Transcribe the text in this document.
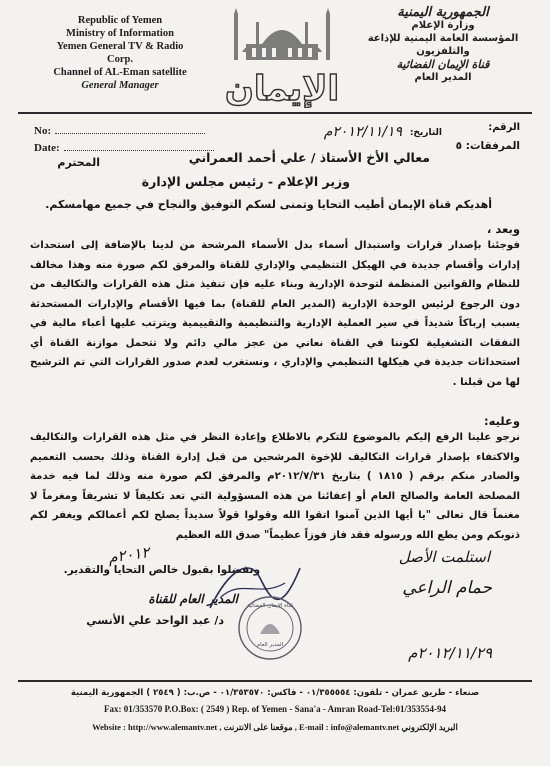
Republic of Yemen
Ministry of Information
Yemen General TV & Radio
Corp.
Channel of AL-Eman satellite
General Manager	الإيمان
الجمهورية اليمنية
وزارة الإعلام
المؤسسة العامة اليمنية للإذاعة
والتلفزيون
قناة الإيمان الفضائية
المدير العام
No:
Date:
الرقم:
المرفقات: ٥
التاريخ:
٢٠١٢/١١/١٩م
معالي الأخ الأستاذ / علي أحمد العمراني
المحترم
وزير الإعلام - رئيس مجلس الإدارة
أهديكم قناة الإيمان أطيب التحايا وتمنى لسكم التوفيق والنجاح في جميع مهامسكم.
وبعد ،
فوجئنا بإصدار قرارات واستبدال أسماء بدل الأسماء المرشحة من لدينا بالإضافة إلى استحداث إدارات وأقسام جديدة في الهيكل التنظيمي والإداري للقناة والمرفق لكم صورة منه وهذا مخالف للنظام والقوانين المنظمة لتوحدة الإدارية وبناء عليه فإن تنفيذ مثل هذه القرارات والتكاليف من دون الرجوع لرئيس الوحدة الإدارية (المدير العام للقناة) بما فيها الأقسام والإدارات المستحدثة يسبب إرباكاً شديداً في سير العملية الإدارية والتنظيمية والتقييمية ويترتب عليها أعباء مالية في النفقات التشغيلية لكوننا في القناة نعاني من عجز مالي دائم ولا تتحمل موازنة القناة أي استحداثات جديدة في هيكلها التنظيمي والإداري ، ونستغرب لعدم صدور القرارات التي تم الترشيح لها من قبلنا .
وعليه:
نرجو علينا الرفع إليكم بالموضوع للتكرم بالاطلاع وإعادة النظر في مثل هذه القرارات والتكاليف والاكتفاء بإصدار قرارات التكاليف للإخوة المرشحين من قبل إدارة القناة وذلك بحسب التعميم والصادر منكم برقم ( ١٨١٥ ) بتاريخ ٢٠١٢/٧/٣١م والمرفق لكم صورة منه وذلك لما فيه خدمة المصلحة العامة والصالح العام أو إعفائنا من هذه المسؤولية التي تعد تكليفاً لا تشريفاً ومغرماً لا مغنماً قال تعالى "يا أيها الذين آمنوا اتقوا الله وقولوا قولاً سديداً يصلح لكم أعمالكم ويغفر لكم ذنوبكم ومن يطع الله ورسوله فقد فاز فوزاً عظيماً" صدق الله العظيم
وتفضلوا بقبول خالص التحايا والتقدير.
٢٠١٢م
المدير العام للقناة
د/ عبد الواحد علي الأنسي
قناة الإيمان الفضائية
المدير العام
استلمت الأصل
حمام الراعي
٢٠١٢/١١/٢٩م
صنعاء - طريق عمران - تلفون: ٠١/٣٥٥٥٥٤ - فاكس: ٠١/٣٥٣٥٧٠ - ص.ب: ( ٢٥٤٩ ) الجمهورية اليمنية
Fax: 01/353570 P.O.Box: ( 2549 ) Rep. of Yemen - Sana'a - Amran Road-Tel:01/353554-94
Website : http://www.alemantv.net , موقعنا على الانترنت , E-mail : info@alemantv.net البريد الإلكتروني
